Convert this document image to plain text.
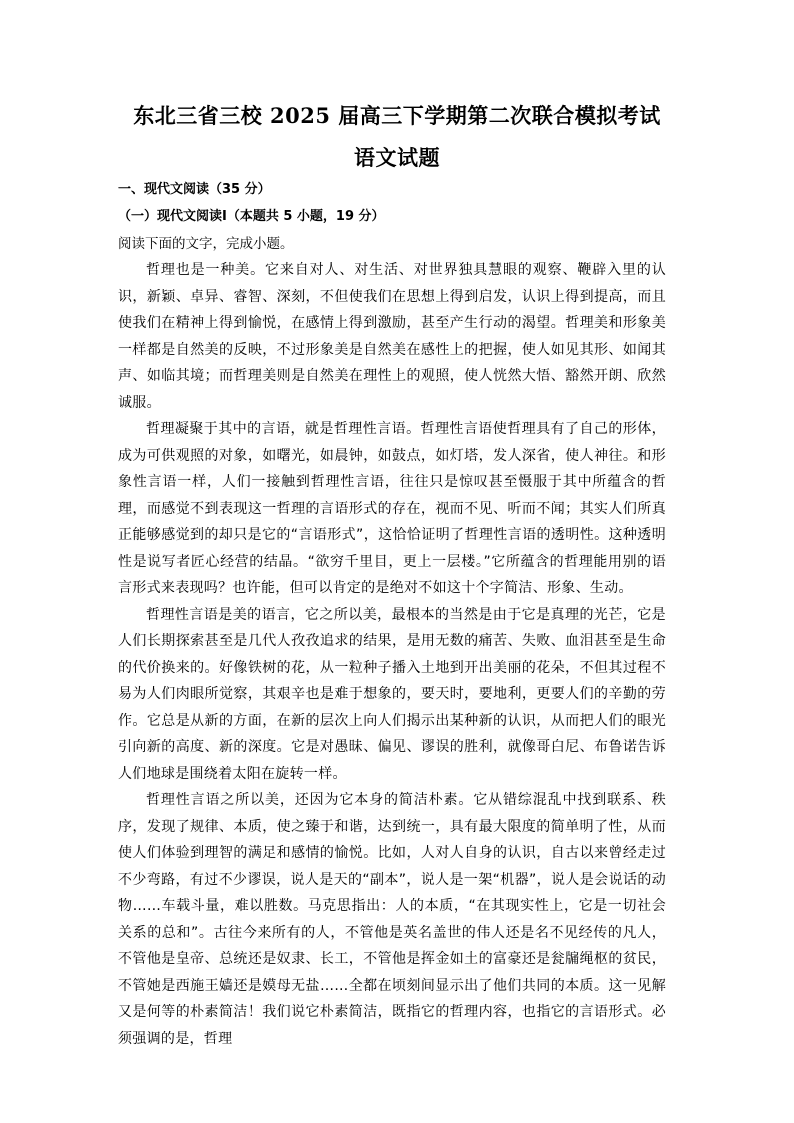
东北三省三校 2025 届高三下学期第二次联合模拟考试
语文试题
一、现代文阅读（35 分）
（一）现代文阅读Ⅰ（本题共 5 小题，19 分）
阅读下面的文字，完成小题。

哲理也是一种美。它来自对人、对生活、对世界独具慧眼的观察、鞭辟入里的认识，新颖、卓异、睿智、深刻，不但使我们在思想上得到启发，认识上得到提高，而且使我们在精神上得到愉悦，在感情上得到激励，甚至产生行动的渴望。哲理美和形象美一样都是自然美的反映，不过形象美是自然美在感性上的把握，使人如见其形、如闻其声、如临其境；而哲理美则是自然美在理性上的观照，使人恍然大悟、豁然开朗、欣然诚服。

哲理凝聚于其中的言语，就是哲理性言语。哲理性言语使哲理具有了自己的形体，成为可供观照的对象，如曙光，如晨钟，如鼓点，如灯塔，发人深省，使人神往。和形象性言语一样，人们一接触到哲理性言语，往往只是惊叹甚至慑服于其中所蕴含的哲理，而感觉不到表现这一哲理的言语形式的存在，视而不见、听而不闻；其实人们所真正能够感觉到的却只是它的“言语形式”，这恰恰证明了哲理性言语的透明性。这种透明性是说写者匠心经营的结晶。“欲穷千里目，更上一层楼。”它所蕴含的哲理能用别的语言形式来表现吗？也许能，但可以肯定的是绝对不如这十个字简洁、形象、生动。

哲理性言语是美的语言，它之所以美，最根本的当然是由于它是真理的光芒，它是人们长期探索甚至是几代人孜孜追求的结果，是用无数的痛苦、失败、血泪甚至是生命的代价换来的。好像铁树的花，从一粒种子播入土地到开出美丽的花朵，不但其过程不易为人们肉眼所觉察，其艰辛也是难于想象的，要天时，要地利，更要人们的辛勤的劳作。它总是从新的方面，在新的层次上向人们揭示出某种新的认识，从而把人们的眼光引向新的高度、新的深度。它是对愚昧、偏见、谬误的胜利，就像哥白尼、布鲁诺告诉人们地球是围绕着太阳在旋转一样。

哲理性言语之所以美，还因为它本身的简洁朴素。它从错综混乱中找到联系、秩序，发现了规律、本质，使之臻于和谐，达到统一，具有最大限度的简单明了性，从而使人们体验到理智的满足和感情的愉悦。比如，人对人自身的认识，自古以来曾经走过不少弯路，有过不少谬误，说人是天的“副本”，说人是一架“机器”，说人是会说话的动物……车载斗量，难以胜数。马克思指出：人的本质，“在其现实性上，它是一切社会关系的总和”。古往今来所有的人，不管他是英名盖世的伟人还是名不见经传的凡人，不管他是皇帝、总统还是奴隶、长工，不管他是挥金如土的富豪还是瓮牖绳枢的贫民，不管她是西施王嫱还是嫫母无盐……全都在顷刻间显示出了他们共同的本质。这一见解又是何等的朴素简洁！我们说它朴素简洁，既指它的哲理内容，也指它的言语形式。必须强调的是，哲理
